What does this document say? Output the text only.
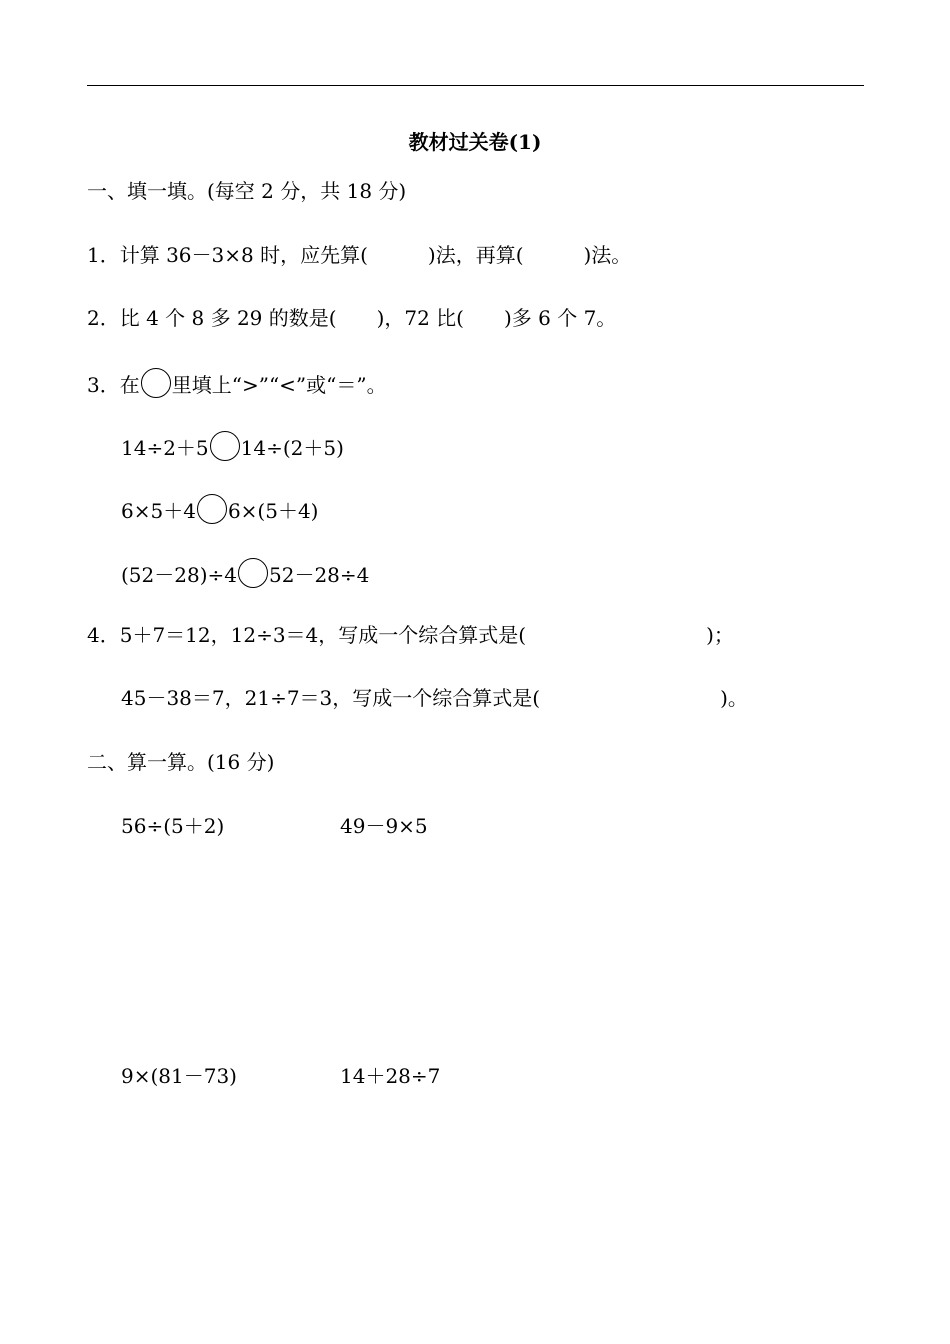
教材过关卷(1)
一、填一填。(每空 2 分，共 18 分)
1．计算 36－3×8 时，应先算(　　　)法，再算(　　　)法。
2．比 4 个 8 多 29 的数是(　　)，72 比(　　)多 6 个 7。
3．在 里填上“>”“<”或“＝”。
14÷2＋5 14÷(2＋5)
6×5＋4 6×(5＋4)
(52－28)÷4 52－28÷4
4．5＋7＝12，12÷3＝4，写成一个综合算式是(　　　　　　　　　)；
45－38＝7，21÷7＝3，写成一个综合算式是(　　　　　　　　　)。
二、算一算。(16 分)
56÷(5＋2)	49－9×5
9×(81－73)	14＋28÷7
